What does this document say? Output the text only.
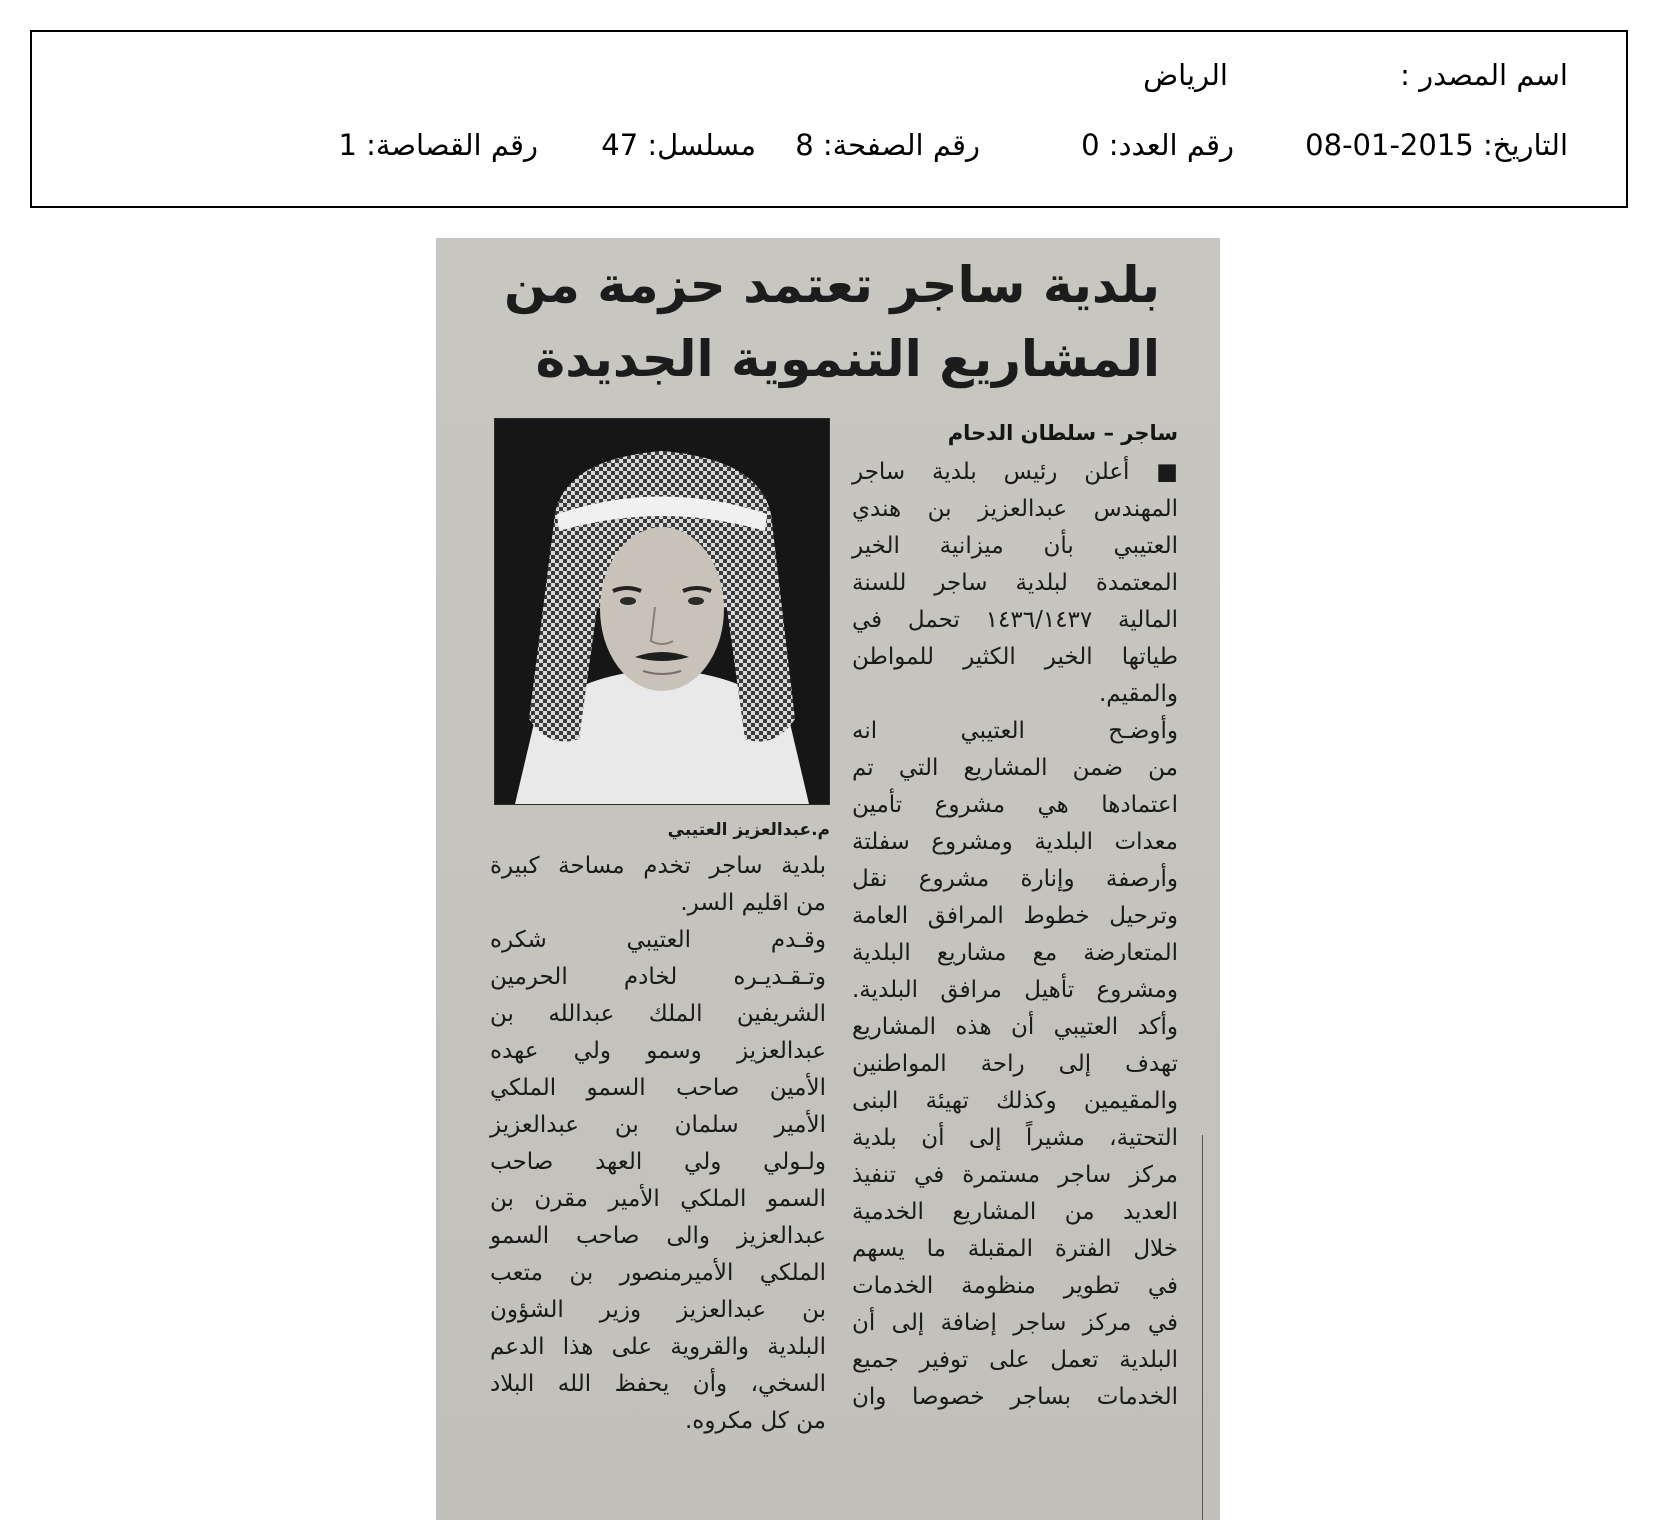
اسم المصدر :
الرياض
التاريخ: 2015-01-08
رقم العدد: 0
رقم الصفحة: 8
مسلسل: 47
رقم القصاصة: 1
بلدية ساجر تعتمد حزمة من
المشاريع التنموية الجديدة
ساجر – سلطان الدحام
م.عبدالعزيز العتيبي
■ أعلن رئيس بلدية ساجر
المهندس عبدالعزيز بن هندي
العتيبي بأن ميزانية الخير
المعتمدة لبلدية ساجر للسنة
المالية ١٤٣٦/١٤٣٧ تحمل في
طياتها الخير الكثير للمواطن
والمقيم.
وأوضـح العتيبي انه
من ضمن المشاريع التي تم
اعتمادها هي مشروع تأمين
معدات البلدية ومشروع سفلتة
وأرصفة وإنارة مشروع نقل
وترحيل خطوط المرافق العامة
المتعارضة مع مشاريع البلدية
ومشروع تأهيل مرافق البلدية.
وأكد العتيبي أن هذه المشاريع
تهدف إلى راحة المواطنين
والمقيمين وكذلك تهيئة البنى
التحتية، مشيراً إلى أن بلدية
مركز ساجر مستمرة في تنفيذ
العديد من المشاريع الخدمية
خلال الفترة المقبلة ما يسهم
في تطوير منظومة الخدمات
في مركز ساجر إضافة إلى أن
البلدية تعمل على توفير جميع
الخدمات بساجر خصوصا وان
بلدية ساجر تخدم مساحة كبيرة
من اقليم السر.
وقـدم العتيبي شكره
وتـقـديـره لخادم الحرمين
الشريفين الملك عبدالله بن
عبدالعزيز وسمو ولي عهده
الأمين صاحب السمو الملكي
الأمير سلمان بن عبدالعزيز
ولـولي ولي العهد صاحب
السمو الملكي الأمير مقرن بن
عبدالعزيز والى صاحب السمو
الملكي الأميرمنصور بن متعب
بن عبدالعزيز وزير الشؤون
البلدية والقروية على هذا الدعم
السخي، وأن يحفظ الله البلاد
من كل مكروه.
